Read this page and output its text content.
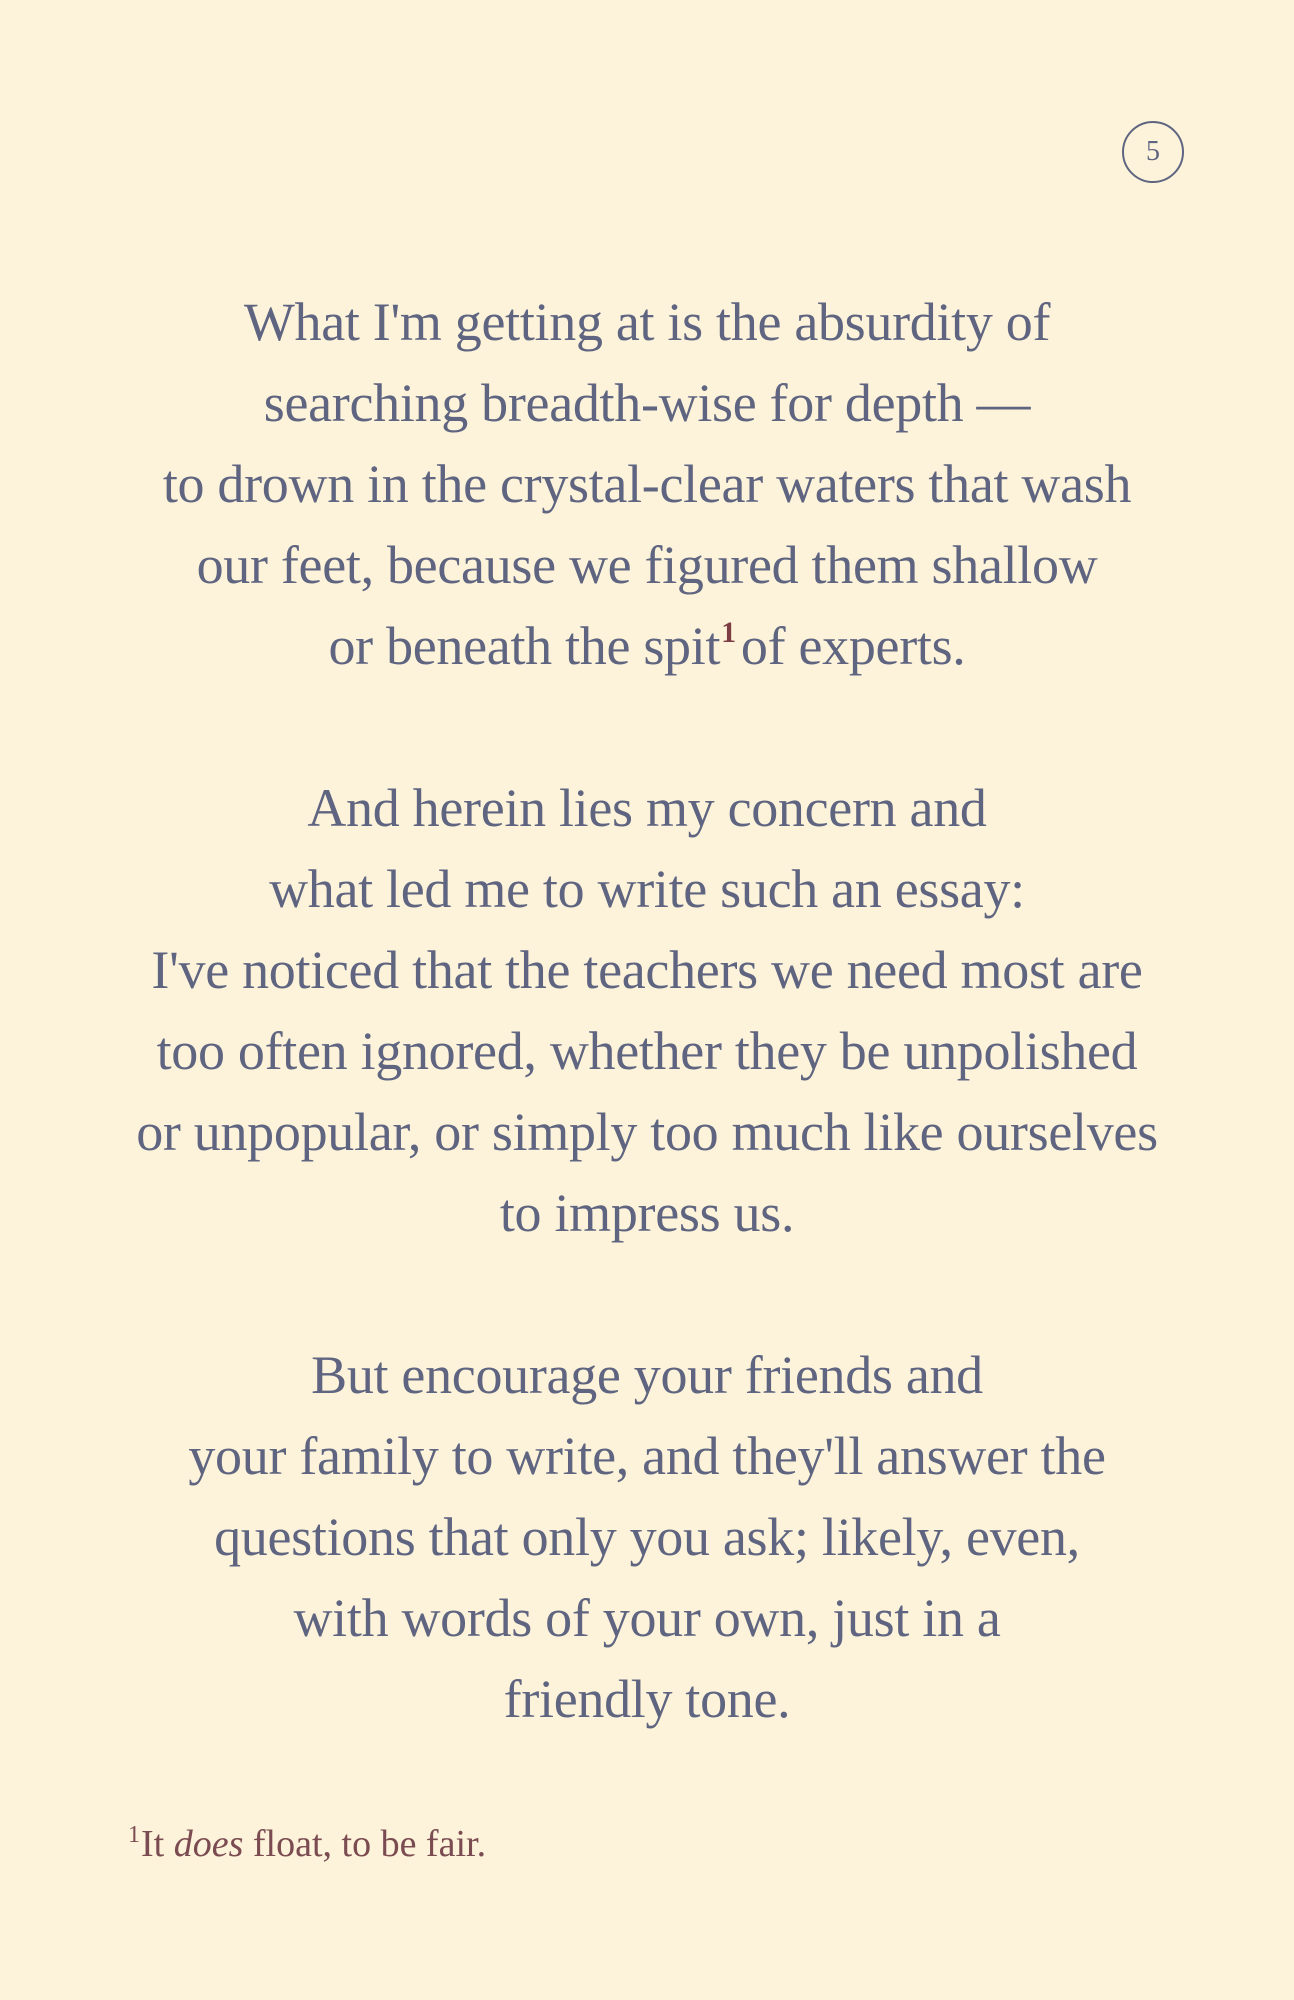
5
What I'm getting at is the absurdity of
searching breadth-wise for depth —
to drown in the crystal-clear waters that wash
our feet, because we figured them shallow
or beneath the spit$^1$of experts.
And herein lies my concern and
what led me to write such an essay:
I've noticed that the teachers we need most are
too often ignored, whether they be unpolished
or unpopular, or simply too much like ourselves
to impress us.
But encourage your friends and
your family to write, and they'll answer the
questions that only you ask; likely, even,
with words of your own, just in a
friendly tone.
$^1$It does float, to be fair.
